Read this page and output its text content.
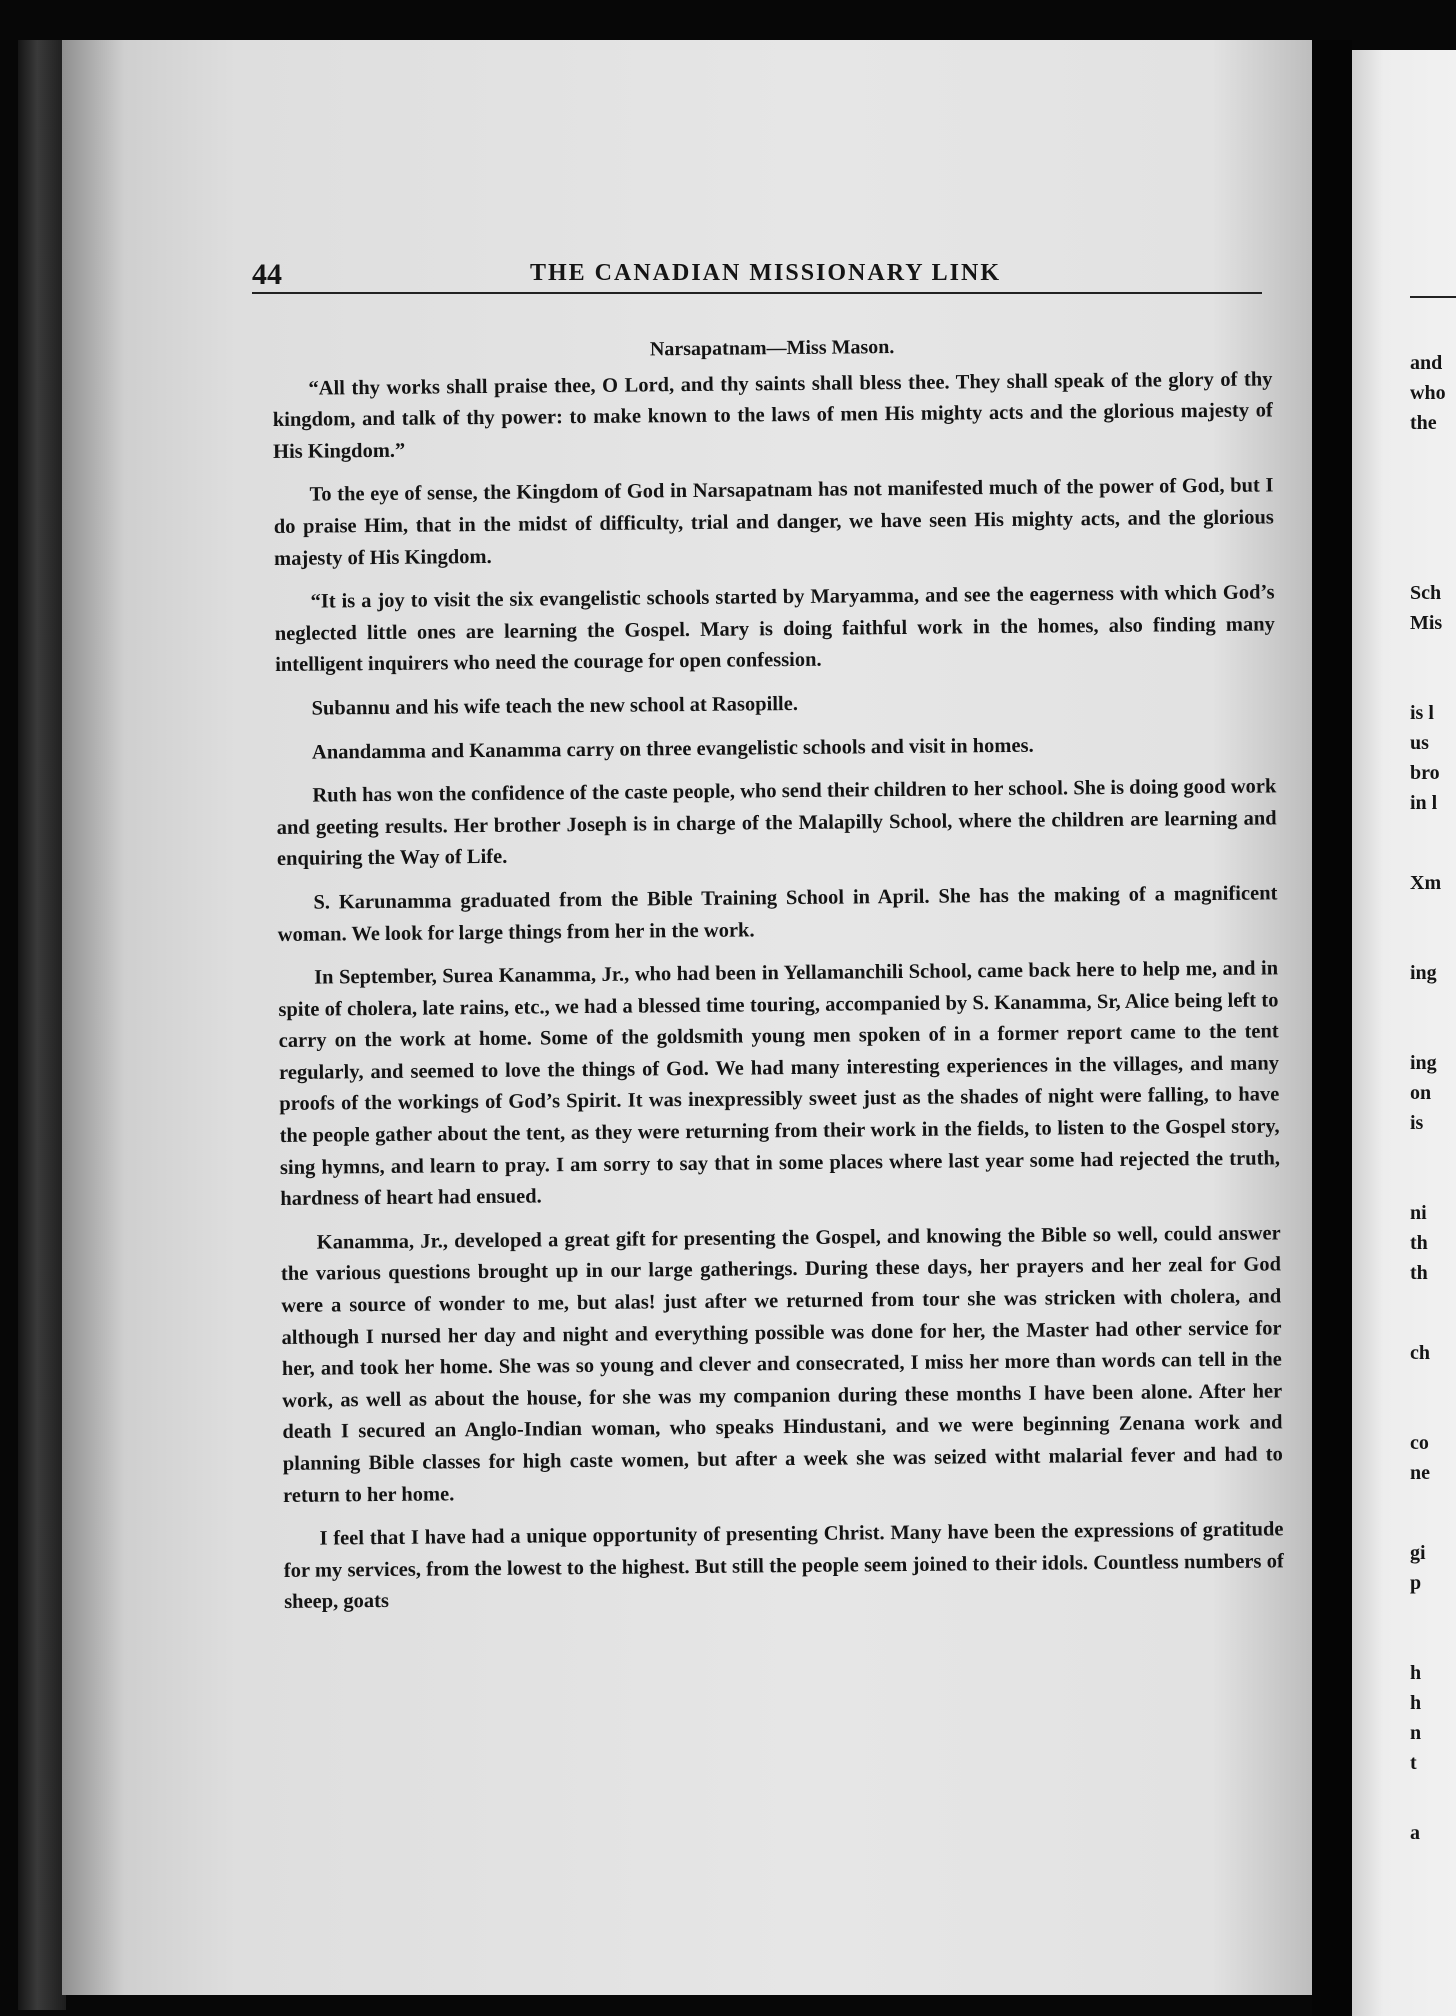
44	THE CANADIAN MISSIONARY LINK
Narsapatnam—Miss Mason.

“All thy works shall praise thee, O Lord, and thy saints shall bless thee. They shall speak of the glory of thy kingdom, and talk of thy power: to make known to the laws of men His mighty acts and the glorious majesty of His Kingdom.”

To the eye of sense, the Kingdom of God in Narsapatnam has not manifested much of the power of God, but I do praise Him, that in the midst of difficulty, trial and danger, we have seen His mighty acts, and the glorious majesty of His Kingdom.

“It is a joy to visit the six evangelistic schools started by Maryamma, and see the eagerness with which God’s neglected little ones are learning the Gospel. Mary is doing faithful work in the homes, also finding many intelligent inquirers who need the courage for open confession.

Subannu and his wife teach the new school at Rasopille.

Anandamma and Kanamma carry on three evangelistic schools and visit in homes.

Ruth has won the confidence of the caste people, who send their children to her school. She is doing good work and geeting results. Her brother Joseph is in charge of the Malapilly School, where the children are learning and enquiring the Way of Life.

S. Karunamma graduated from the Bible Training School in April. She has the making of a magnificent woman. We look for large things from her in the work.

In September, Surea Kanamma, Jr., who had been in Yellamanchili School, came back here to help me, and in spite of cholera, late rains, etc., we had a blessed time touring, accompanied by S. Kanamma, Sr, Alice being left to carry on the work at home. Some of the goldsmith young men spoken of in a former report came to the tent regularly, and seemed to love the things of God. We had many interesting experiences in the villages, and many proofs of the workings of God’s Spirit. It was inexpressibly sweet just as the shades of night were falling, to have the people gather about the tent, as they were returning from their work in the fields, to listen to the Gospel story, sing hymns, and learn to pray. I am sorry to say that in some places where last year some had rejected the truth, hardness of heart had ensued.

Kanamma, Jr., developed a great gift for presenting the Gospel, and knowing the Bible so well, could answer the various questions brought up in our large gatherings. During these days, her prayers and her zeal for God were a source of wonder to me, but alas! just after we returned from tour she was stricken with cholera, and although I nursed her day and night and everything possible was done for her, the Master had other service for her, and took her home. She was so young and clever and consecrated, I miss her more than words can tell in the work, as well as about the house, for she was my companion during these months I have been alone. After her death I secured an Anglo-Indian woman, who speaks Hindustani, and we were beginning Zenana work and planning Bible classes for high caste women, but after a week she was seized witht malarial fever and had to return to her home.

I feel that I have had a unique opportunity of presenting Christ. Many have been the expressions of gratitude for my services, from the lowest to the highest. But still the people seem joined to their idols. Countless numbers of sheep, goats

and
who
the
Sch
Mis
is l
us
bro
in l
Xm
ing
ing
on
is
ni
th
th
ch
co
ne
gi
p
h
h
n
t
a
